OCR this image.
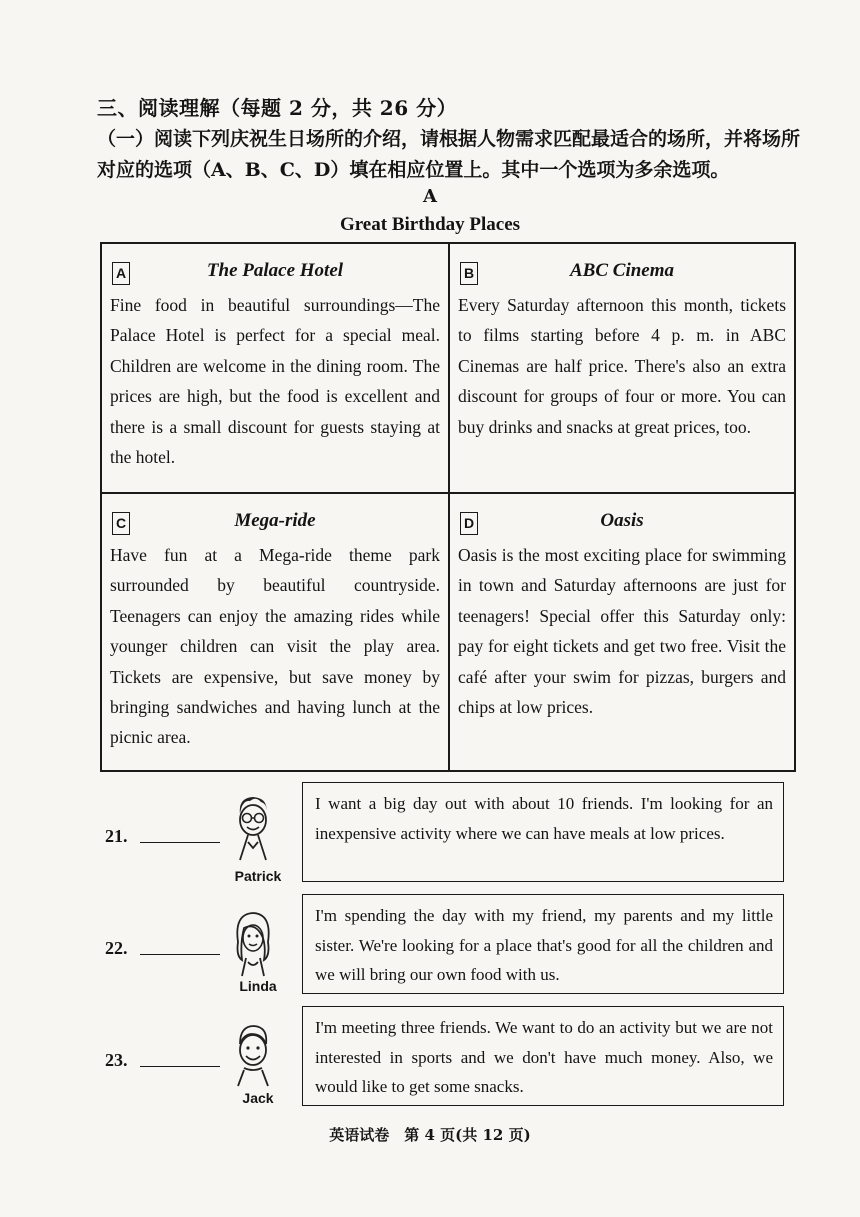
三、阅读理解（每题 2 分，共 26 分）
（一）阅读下列庆祝生日场所的介绍，请根据人物需求匹配最适合的场所，并将场所对应的选项（A、B、C、D）填在相应位置上。其中一个选项为多余选项。
A
Great Birthday Places
A	The Palace Hotel

Fine food in beautiful surroundings—The Palace Hotel is perfect for a special meal. Children are welcome in the dining room. The prices are high, but the food is excellent and there is a small discount for guests staying at the hotel.

B	ABC Cinema

Every Saturday afternoon this month, tickets to films starting before 4 p. m. in ABC Cinemas are half price. There's also an extra discount for groups of four or more. You can buy drinks and snacks at great prices, too.

C	Mega-ride

Have fun at a Mega-ride theme park surrounded by beautiful countryside. Teenagers can enjoy the amazing rides while younger children can visit the play area. Tickets are expensive, but save money by bringing sandwiches and having lunch at the picnic area.

D	Oasis

Oasis is the most exciting place for swimming in town and Saturday afternoons are just for teenagers! Special offer this Saturday only: pay for eight tickets and get two free. Visit the café after your swim for pizzas, burgers and chips at low prices.

21.
Patrick
I want a big day out with about 10 friends. I'm looking for an inexpensive activity where we can have meals at low prices.
22.
Linda
I'm spending the day with my friend, my parents and my little sister. We're looking for a place that's good for all the children and we will bring our own food with us.
23.
Jack
I'm meeting three friends. We want to do an activity but we are not interested in sports and we don't have much money. Also, we would like to get some snacks.
英语试卷　第 4 页(共 12 页)
